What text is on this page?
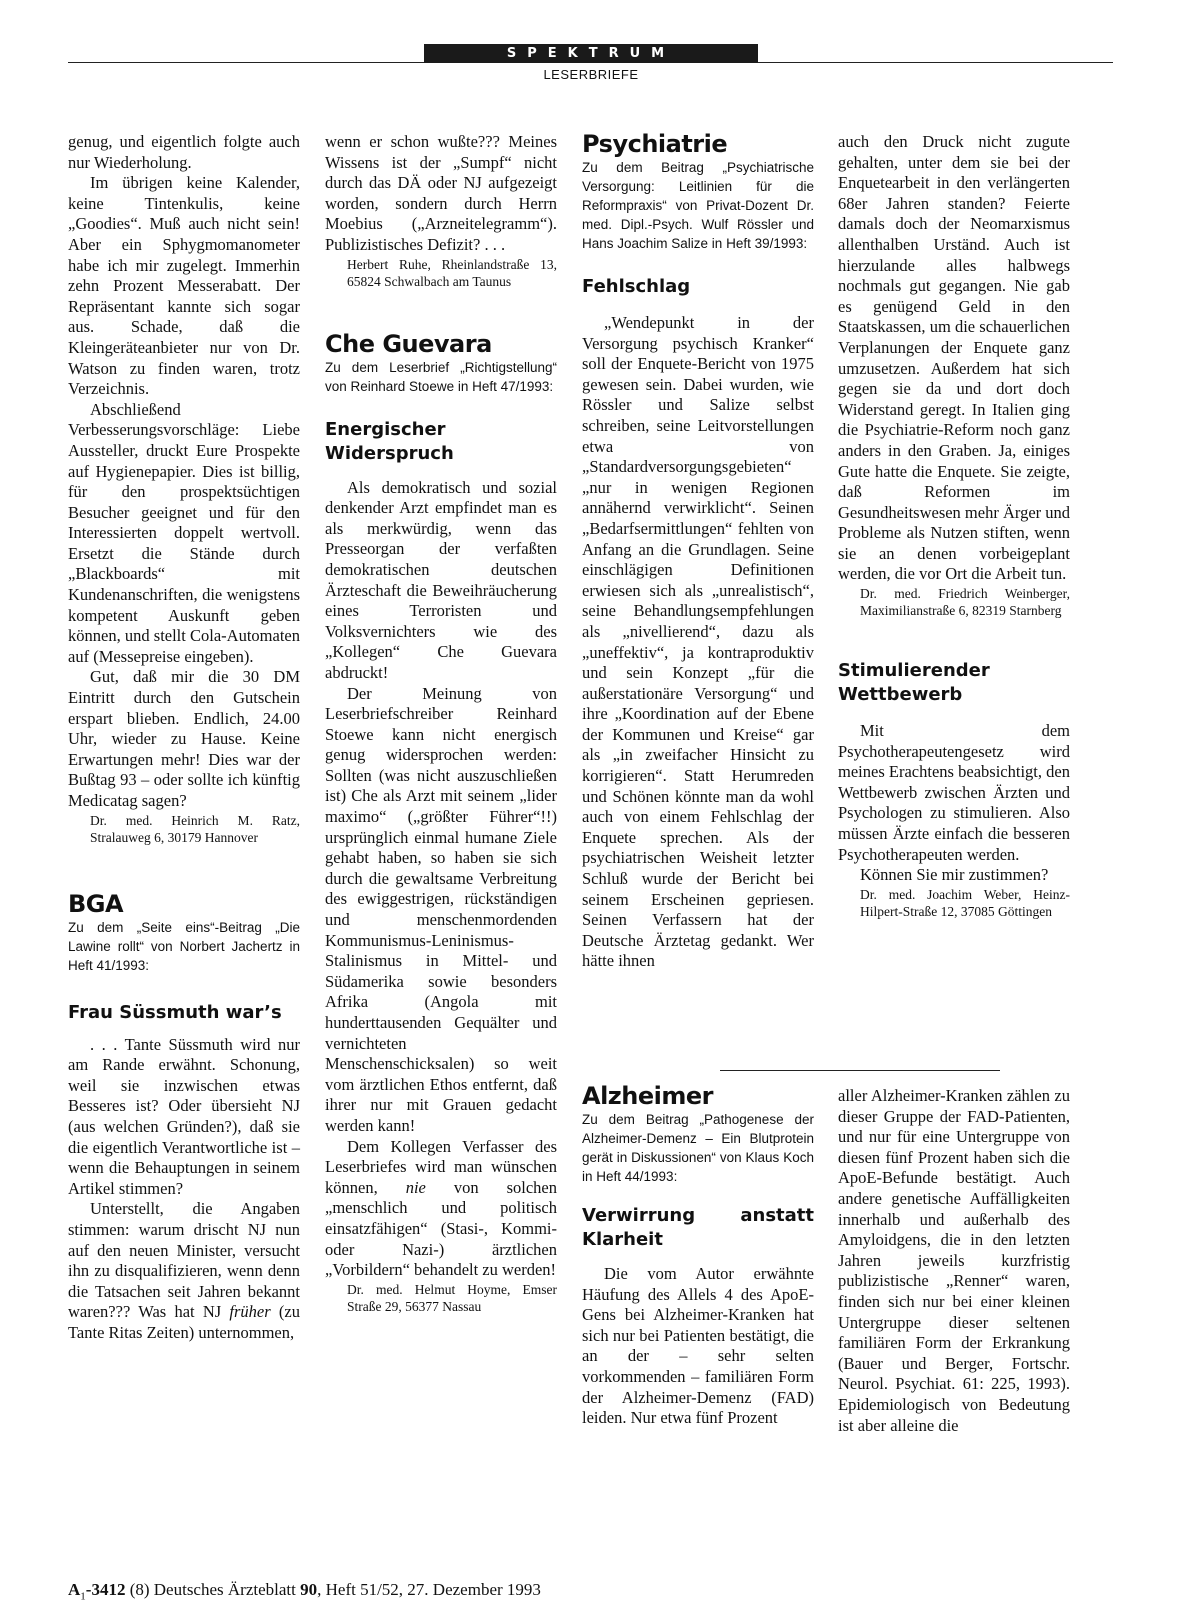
SPEKTRUM
LESERBRIEFE

genug, und eigentlich folgte auch nur Wiederholung.

Im übrigen keine Kalender, keine Tintenkulis, keine „Goodies“. Muß auch nicht sein! Aber ein Sphygmomanometer habe ich mir zugelegt. Immerhin zehn Prozent Messerabatt. Der Repräsentant kannte sich sogar aus. Schade, daß die Kleingeräteanbieter nur von Dr. Watson zu finden waren, trotz Verzeichnis.

Abschließend Verbesserungsvorschläge: Liebe Aussteller, druckt Eure Prospekte auf Hygienepapier. Dies ist billig, für den prospektsüchtigen Besucher geeignet und für den Interessierten doppelt wertvoll. Ersetzt die Stände durch „Blackboards“ mit Kundenanschriften, die wenigstens kompetent Auskunft geben können, und stellt Cola-Automaten auf (Messepreise eingeben).

Gut, daß mir die 30 DM Eintritt durch den Gutschein erspart blieben. Endlich, 24.00 Uhr, wieder zu Hause. Keine Erwartungen mehr! Dies war der Bußtag 93 – oder sollte ich künftig Medicatag sagen?

Dr. med. Heinrich M. Ratz, Stralauweg 6, 30179 Hannover

BGA

Zu dem „Seite eins“-Beitrag „Die Lawine rollt“ von Norbert Jachertz in Heft 41/1993:

Frau Süssmuth war’s

. . . Tante Süssmuth wird nur am Rande erwähnt. Schonung, weil sie inzwischen etwas Besseres ist? Oder übersieht NJ (aus welchen Gründen?), daß sie die eigentlich Verantwortliche ist – wenn die Behauptungen in seinem Artikel stimmen?

Unterstellt, die Angaben stimmen: warum drischt NJ nun auf den neuen Minister, versucht ihn zu disqualifizieren, wenn denn die Tatsachen seit Jahren bekannt waren??? Was hat NJ früher (zu Tante Ritas Zeiten) unternommen,

wenn er schon wußte??? Meines Wissens ist der „Sumpf“ nicht durch das DÄ oder NJ aufgezeigt worden, sondern durch Herrn Moebius („Arzneitelegramm“). Publizistisches Defizit? . . .

Herbert Ruhe, Rheinlandstraße 13, 65824 Schwalbach am Taunus

Che Guevara

Zu dem Leserbrief „Richtigstellung“ von Reinhard Stoewe in Heft 47/1993:

Energischer Widerspruch

Als demokratisch und sozial denkender Arzt empfindet man es als merkwürdig, wenn das Presseorgan der verfaßten demokratischen deutschen Ärzteschaft die Beweihräucherung eines Terroristen und Volksvernichters wie des „Kollegen“ Che Guevara abdruckt!

Der Meinung von Leserbriefschreiber Reinhard Stoewe kann nicht energisch genug widersprochen werden: Sollten (was nicht auszuschließen ist) Che als Arzt mit seinem „lider maximo“ („größter Führer“!!) ursprünglich einmal humane Ziele gehabt haben, so haben sie sich durch die gewaltsame Verbreitung des ewiggestrigen, rückständigen und menschenmordenden Kommunismus-Leninismus-Stalinismus in Mittel- und Südamerika sowie besonders Afrika (Angola mit hunderttausenden Gequälter und vernichteten Menschenschicksalen) so weit vom ärztlichen Ethos entfernt, daß ihrer nur mit Grauen gedacht werden kann!

Dem Kollegen Verfasser des Leserbriefes wird man wünschen können, nie von solchen „menschlich und politisch einsatzfähigen“ (Stasi-, Kommi- oder Nazi-) ärztlichen „Vorbildern“ behandelt zu werden!

Dr. med. Helmut Hoyme, Emser Straße 29, 56377 Nassau

Psychiatrie

Zu dem Beitrag „Psychiatrische Versorgung: Leitlinien für die Reformpraxis“ von Privat-Dozent Dr. med. Dipl.-Psych. Wulf Rössler und Hans Joachim Salize in Heft 39/1993:

Fehlschlag

„Wendepunkt in der Versorgung psychisch Kranker“ soll der Enquete-Bericht von 1975 gewesen sein. Dabei wurden, wie Rössler und Salize selbst schreiben, seine Leitvorstellungen etwa von „Standardversorgungsgebieten“ „nur in wenigen Regionen annähernd verwirklicht“. Seinen „Bedarfsermittlungen“ fehlten von Anfang an die Grundlagen. Seine einschlägigen Definitionen erwiesen sich als „unrealistisch“, seine Behandlungsempfehlungen als „nivellierend“, dazu als „uneffektiv“, ja kontraproduktiv und sein Konzept „für die außerstationäre Versorgung“ und ihre „Koordination auf der Ebene der Kommunen und Kreise“ gar als „in zweifacher Hinsicht zu korrigieren“. Statt Herumreden und Schönen könnte man da wohl auch von einem Fehlschlag der Enquete sprechen. Als der psychiatrischen Weisheit letzter Schluß wurde der Bericht bei seinem Erscheinen gepriesen. Seinen Verfassern hat der Deutsche Ärztetag gedankt. Wer hätte ihnen

auch den Druck nicht zugute gehalten, unter dem sie bei der Enquetearbeit in den verlängerten 68er Jahren standen? Feierte damals doch der Neomarxismus allenthalben Urständ. Auch ist hierzulande alles halbwegs nochmals gut gegangen. Nie gab es genügend Geld in den Staatskassen, um die schauerlichen Verplanungen der Enquete ganz umzusetzen. Außerdem hat sich gegen sie da und dort doch Widerstand geregt. In Italien ging die Psychiatrie-Reform noch ganz anders in den Graben. Ja, einiges Gute hatte die Enquete. Sie zeigte, daß Reformen im Gesundheitswesen mehr Ärger und Probleme als Nutzen stiften, wenn sie an denen vorbeigeplant werden, die vor Ort die Arbeit tun.

Dr. med. Friedrich Weinberger, Maximilianstraße 6, 82319 Starnberg

Stimulierender Wettbewerb

Mit dem Psychotherapeutengesetz wird meines Erachtens beabsichtigt, den Wettbewerb zwischen Ärzten und Psychologen zu stimulieren. Also müssen Ärzte einfach die besseren Psychotherapeuten werden.

Können Sie mir zustimmen?

Dr. med. Joachim Weber, Heinz-Hilpert-Straße 12, 37085 Göttingen

Alzheimer

Zu dem Beitrag „Pathogenese der Alzheimer-Demenz – Ein Blutprotein gerät in Diskussionen“ von Klaus Koch in Heft 44/1993:

Verwirrung anstatt Klarheit

Die vom Autor erwähnte Häufung des Allels 4 des ApoE-Gens bei Alzheimer-Kranken hat sich nur bei Patienten bestätigt, die an der – sehr selten vorkommenden – familiären Form der Alzheimer-Demenz (FAD) leiden. Nur etwa fünf Prozent

aller Alzheimer-Kranken zählen zu dieser Gruppe der FAD-Patienten, und nur für eine Untergruppe von diesen fünf Prozent haben sich die ApoE-Befunde bestätigt. Auch andere genetische Auffälligkeiten innerhalb und außerhalb des Amyloidgens, die in den letzten Jahren jeweils kurzfristig publizistische „Renner“ waren, finden sich nur bei einer kleinen Untergruppe dieser seltenen familiären Form der Erkrankung (Bauer und Berger, Fortschr. Neurol. Psychiat. 61: 225, 1993). Epidemiologisch von Bedeutung ist aber alleine die

$A_1-3412$ (8) Deutsches Ärzteblatt 90, Heft 51/52, 27. Dezember 1993
